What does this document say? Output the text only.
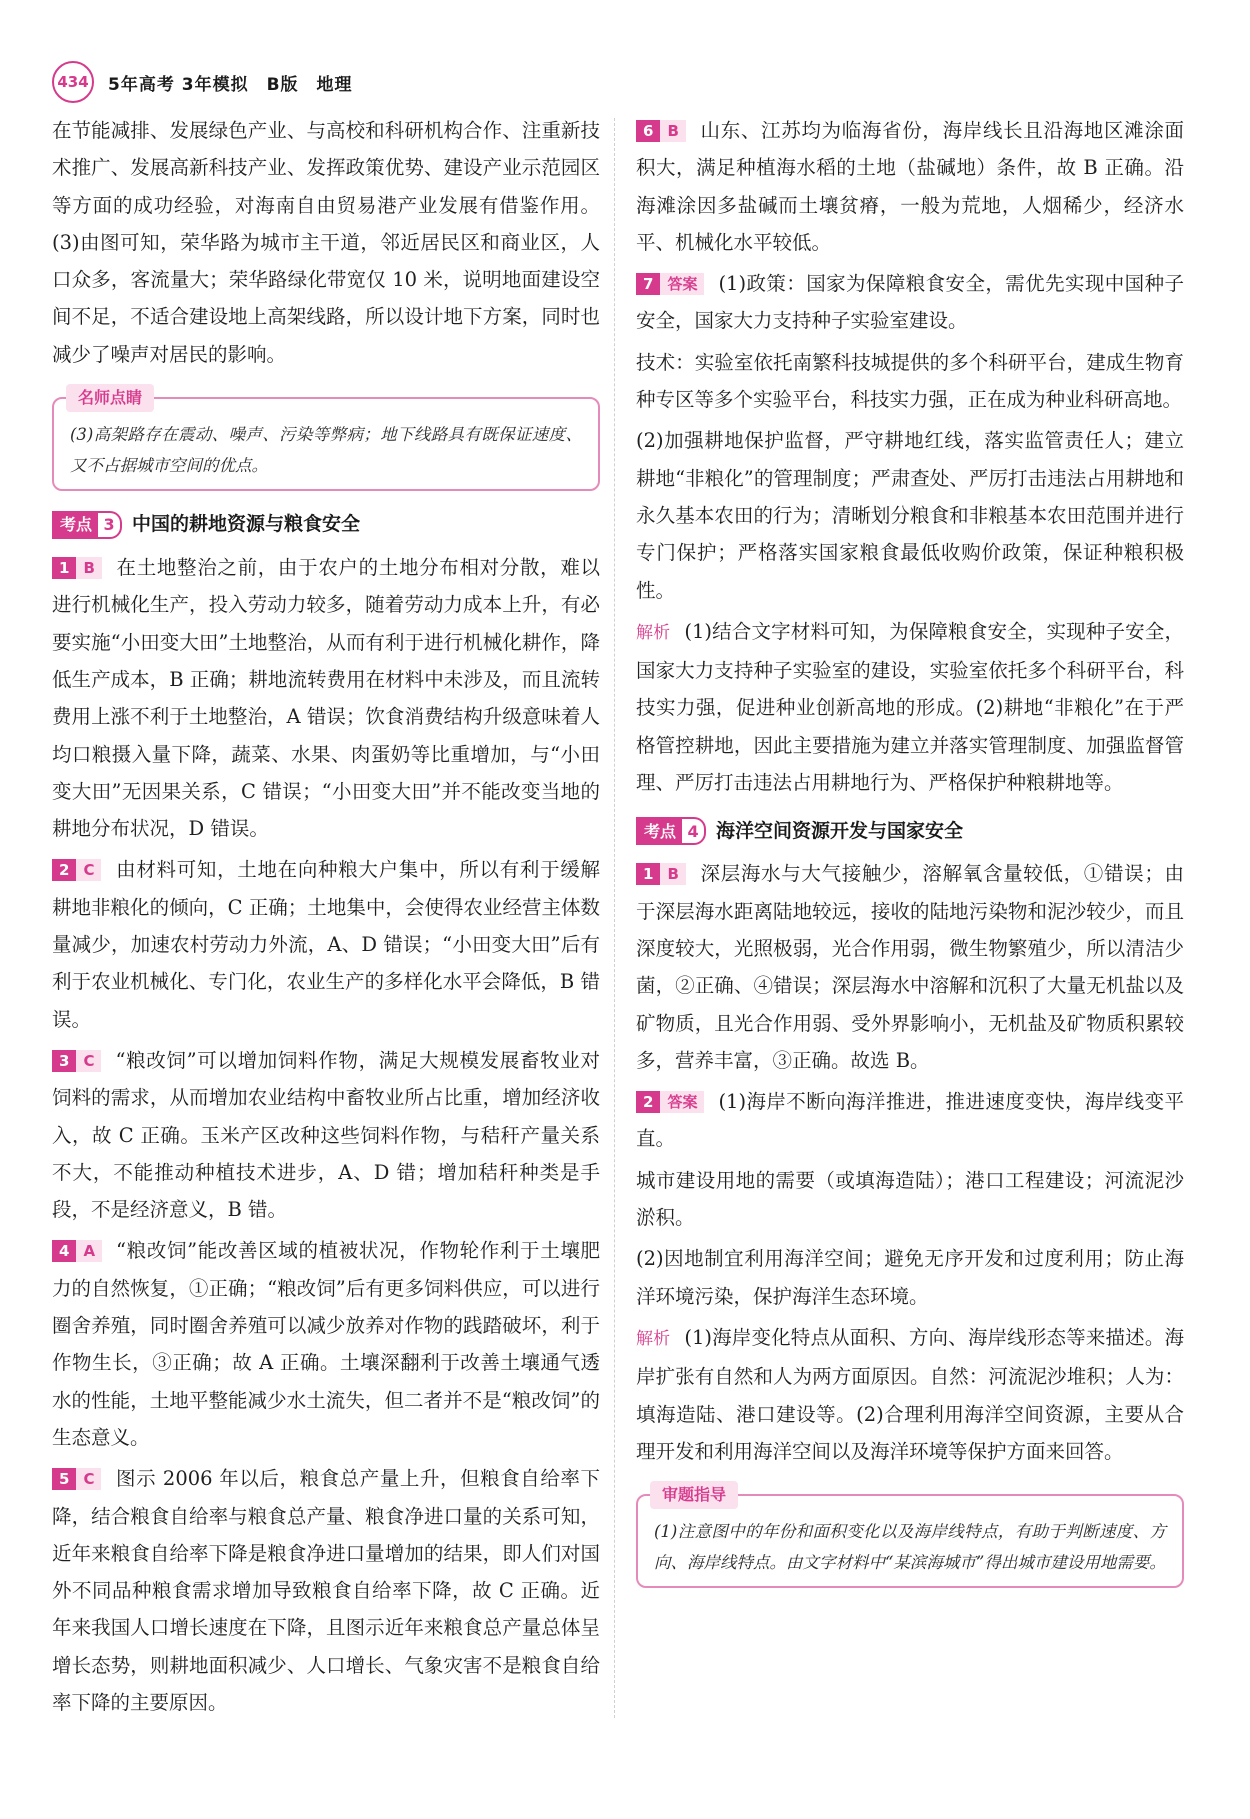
434	5年高考 3年模拟　B版　地理

在节能减排、发展绿色产业、与高校和科研机构合作、注重新技术推广、发展高新科技产业、发挥政策优势、建设产业示范园区等方面的成功经验，对海南自由贸易港产业发展有借鉴作用。(3)由图可知，荣华路为城市主干道，邻近居民区和商业区，人口众多，客流量大；荣华路绿化带宽仅 10 米，说明地面建设空间不足，不适合建设地上高架线路，所以设计地下方案，同时也减少了噪声对居民的影响。

名师点睛
(3)高架路存在震动、噪声、污染等弊病；地下线路具有既保证速度、又不占据城市空间的优点。
考点 3 中国的耕地资源与粮食安全

1 B	在土地整治之前，由于农户的土地分布相对分散，难以进行机械化生产，投入劳动力较多，随着劳动力成本上升，有必要实施“小田变大田”土地整治，从而有利于进行机械化耕作，降低生产成本，B 正确；耕地流转费用在材料中未涉及，而且流转费用上涨不利于土地整治，A 错误；饮食消费结构升级意味着人均口粮摄入量下降，蔬菜、水果、肉蛋奶等比重增加，与“小田变大田”无因果关系，C 错误；“小田变大田”并不能改变当地的耕地分布状况，D 错误。

2 C	由材料可知，土地在向种粮大户集中，所以有利于缓解耕地非粮化的倾向，C 正确；土地集中，会使得农业经营主体数量减少，加速农村劳动力外流，A、D 错误；“小田变大田”后有利于农业机械化、专门化，农业生产的多样化水平会降低，B 错误。

3 C	“粮改饲”可以增加饲料作物，满足大规模发展畜牧业对饲料的需求，从而增加农业结构中畜牧业所占比重，增加经济收入，故 C 正确。玉米产区改种这些饲料作物，与秸秆产量关系不大，不能推动种植技术进步，A、D 错；增加秸秆种类是手段，不是经济意义，B 错。

4 A	“粮改饲”能改善区域的植被状况，作物轮作利于土壤肥力的自然恢复，①正确；“粮改饲”后有更多饲料供应，可以进行圈舍养殖，同时圈舍养殖可以减少放养对作物的践踏破坏，利于作物生长，③正确；故 A 正确。土壤深翻利于改善土壤通气透水的性能，土地平整能减少水土流失，但二者并不是“粮改饲”的生态意义。

5 C	图示 2006 年以后，粮食总产量上升，但粮食自给率下降，结合粮食自给率与粮食总产量、粮食净进口量的关系可知，近年来粮食自给率下降是粮食净进口量增加的结果，即人们对国外不同品种粮食需求增加导致粮食自给率下降，故 C 正确。近年来我国人口增长速度在下降，且图示近年来粮食总产量总体呈增长态势，则耕地面积减少、人口增长、气象灾害不是粮食自给率下降的主要原因。

6 B	山东、江苏均为临海省份，海岸线长且沿海地区滩涂面积大，满足种植海水稻的土地（盐碱地）条件，故 B 正确。沿海滩涂因多盐碱而土壤贫瘠，一般为荒地，人烟稀少，经济水平、机械化水平较低。

7 答案	(1)政策：国家为保障粮食安全，需优先实现中国种子安全，国家大力支持种子实验室建设。

技术：实验室依托南繁科技城提供的多个科研平台，建成生物育种专区等多个实验平台，科技实力强，正在成为种业科研高地。

(2)加强耕地保护监督，严守耕地红线，落实监管责任人；建立耕地“非粮化”的管理制度；严肃查处、严厉打击违法占用耕地和永久基本农田的行为；清晰划分粮食和非粮基本农田范围并进行专门保护；严格落实国家粮食最低收购价政策，保证种粮积极性。

解析 (1)结合文字材料可知，为保障粮食安全，实现种子安全，国家大力支持种子实验室的建设，实验室依托多个科研平台，科技实力强，促进种业创新高地的形成。(2)耕地“非粮化”在于严格管控耕地，因此主要措施为建立并落实管理制度、加强监督管理、严厉打击违法占用耕地行为、严格保护种粮耕地等。

考点 4 海洋空间资源开发与国家安全

1 B	深层海水与大气接触少，溶解氧含量较低，①错误；由于深层海水距离陆地较远，接收的陆地污染物和泥沙较少，而且深度较大，光照极弱，光合作用弱，微生物繁殖少，所以清洁少菌，②正确、④错误；深层海水中溶解和沉积了大量无机盐以及矿物质，且光合作用弱、受外界影响小，无机盐及矿物质积累较多，营养丰富，③正确。故选 B。

2 答案	(1)海岸不断向海洋推进，推进速度变快，海岸线变平直。

城市建设用地的需要（或填海造陆）；港口工程建设；河流泥沙淤积。

(2)因地制宜利用海洋空间；避免无序开发和过度利用；防止海洋环境污染，保护海洋生态环境。

解析 (1)海岸变化特点从面积、方向、海岸线形态等来描述。海岸扩张有自然和人为两方面原因。自然：河流泥沙堆积；人为：填海造陆、港口建设等。(2)合理利用海洋空间资源，主要从合理开发和利用海洋空间以及海洋环境等保护方面来回答。

审题指导
(1)注意图中的年份和面积变化以及海岸线特点，有助于判断速度、方向、海岸线特点。由文字材料中“某滨海城市”得出城市建设用地需要。
